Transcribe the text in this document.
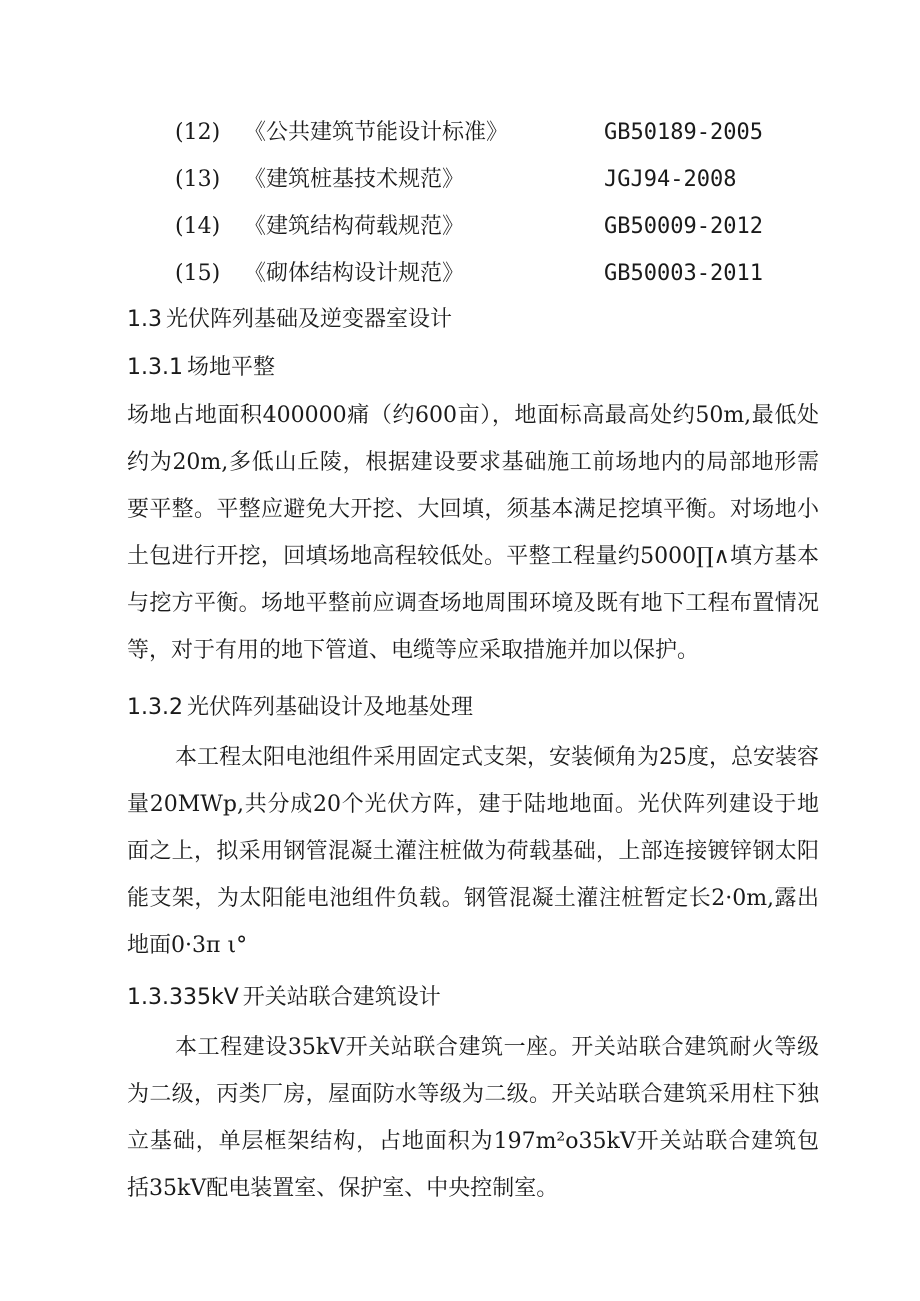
(12) 《公共建筑节能设计标准》	GB50189-2005
(13) 《建筑桩基技术规范》	JGJ94-2008
(14) 《建筑结构荷载规范》	GB50009-2012
(15) 《砌体结构设计规范》	GB50003-2011
1.3 光伏阵列基础及逆变器室设计
1.3.1 场地平整

场地占地面积400000痛（约600亩），地面标高最高处约50m,最低处约为20m,多低山丘陵，根据建设要求基础施工前场地内的局部地形需要平整。平整应避免大开挖、大回填，须基本满足挖填平衡。对场地小土包进行开挖，回填场地高程较低处。平整工程量约5000∏∧填方基本与挖方平衡。场地平整前应调查场地周围环境及既有地下工程布置情况等，对于有用的地下管道、电缆等应采取措施并加以保护。

1.3.2 光伏阵列基础设计及地基处理

本工程太阳电池组件采用固定式支架，安装倾角为25度，总安装容量20MWp,共分成20个光伏方阵，建于陆地地面。光伏阵列建设于地面之上，拟采用钢管混凝土灌注桩做为荷载基础，上部连接镀锌钢太阳能支架，为太阳能电池组件负载。钢管混凝土灌注桩暂定长2·0m,露出地面0·3π ι°

1.3.335kV 开关站联合建筑设计

本工程建设35kV开关站联合建筑一座。开关站联合建筑耐火等级为二级，丙类厂房，屋面防水等级为二级。开关站联合建筑采用柱下独立基础，单层框架结构，占地面积为197m²o35kV开关站联合建筑包括35kV配电装置室、保护室、中央控制室。
